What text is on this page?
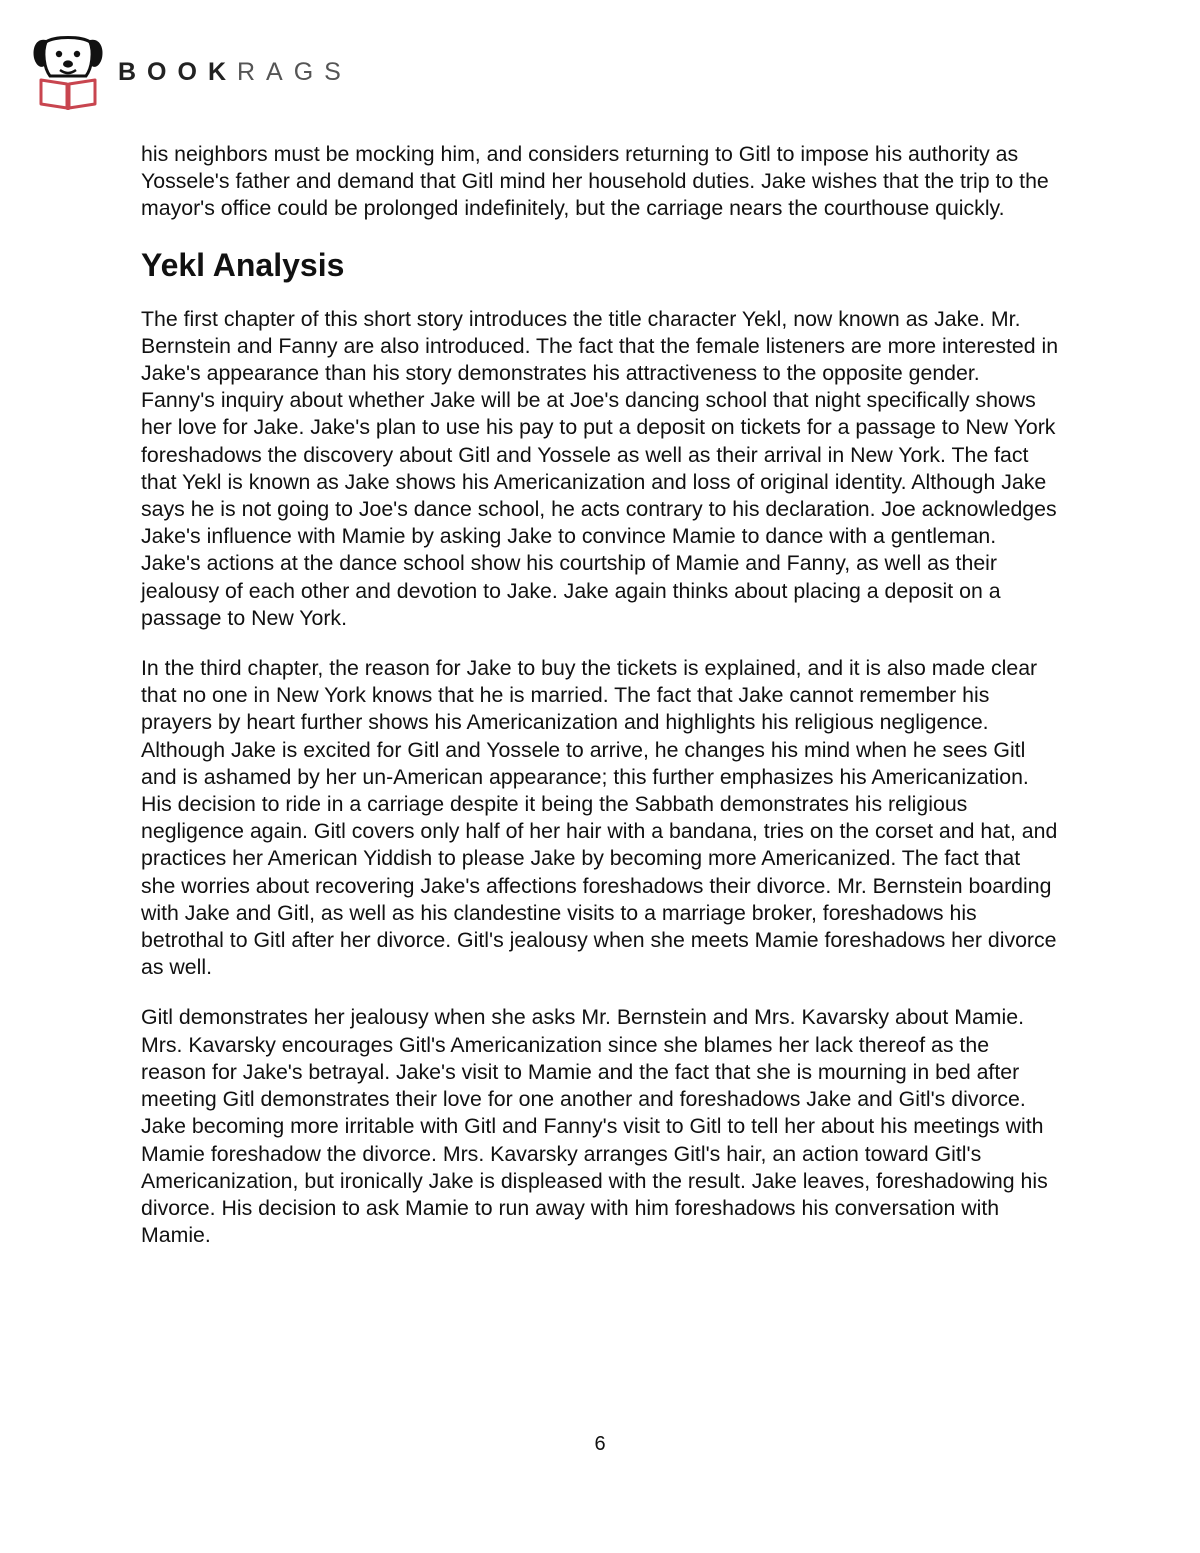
BOOKRAGS

his neighbors must be mocking him, and considers returning to Gitl to impose his authority as Yossele's father and demand that Gitl mind her household duties. Jake wishes that the trip to the mayor's office could be prolonged indefinitely, but the carriage nears the courthouse quickly.

Yekl Analysis

The first chapter of this short story introduces the title character Yekl, now known as Jake. Mr. Bernstein and Fanny are also introduced. The fact that the female listeners are more interested in Jake's appearance than his story demonstrates his attractiveness to the opposite gender. Fanny's inquiry about whether Jake will be at Joe's dancing school that night specifically shows her love for Jake. Jake's plan to use his pay to put a deposit on tickets for a passage to New York foreshadows the discovery about Gitl and Yossele as well as their arrival in New York. The fact that Yekl is known as Jake shows his Americanization and loss of original identity. Although Jake says he is not going to Joe's dance school, he acts contrary to his declaration. Joe acknowledges Jake's influence with Mamie by asking Jake to convince Mamie to dance with a gentleman. Jake's actions at the dance school show his courtship of Mamie and Fanny, as well as their jealousy of each other and devotion to Jake. Jake again thinks about placing a deposit on a passage to New York.

In the third chapter, the reason for Jake to buy the tickets is explained, and it is also made clear that no one in New York knows that he is married. The fact that Jake cannot remember his prayers by heart further shows his Americanization and highlights his religious negligence. Although Jake is excited for Gitl and Yossele to arrive, he changes his mind when he sees Gitl and is ashamed by her un-American appearance; this further emphasizes his Americanization. His decision to ride in a carriage despite it being the Sabbath demonstrates his religious negligence again. Gitl covers only half of her hair with a bandana, tries on the corset and hat, and practices her American Yiddish to please Jake by becoming more Americanized. The fact that she worries about recovering Jake's affections foreshadows their divorce. Mr. Bernstein boarding with Jake and Gitl, as well as his clandestine visits to a marriage broker, foreshadows his betrothal to Gitl after her divorce. Gitl's jealousy when she meets Mamie foreshadows her divorce as well.

Gitl demonstrates her jealousy when she asks Mr. Bernstein and Mrs. Kavarsky about Mamie. Mrs. Kavarsky encourages Gitl's Americanization since she blames her lack thereof as the reason for Jake's betrayal. Jake's visit to Mamie and the fact that she is mourning in bed after meeting Gitl demonstrates their love for one another and foreshadows Jake and Gitl's divorce. Jake becoming more irritable with Gitl and Fanny's visit to Gitl to tell her about his meetings with Mamie foreshadow the divorce. Mrs. Kavarsky arranges Gitl's hair, an action toward Gitl's Americanization, but ironically Jake is displeased with the result. Jake leaves, foreshadowing his divorce. His decision to ask Mamie to run away with him foreshadows his conversation with Mamie.

6
